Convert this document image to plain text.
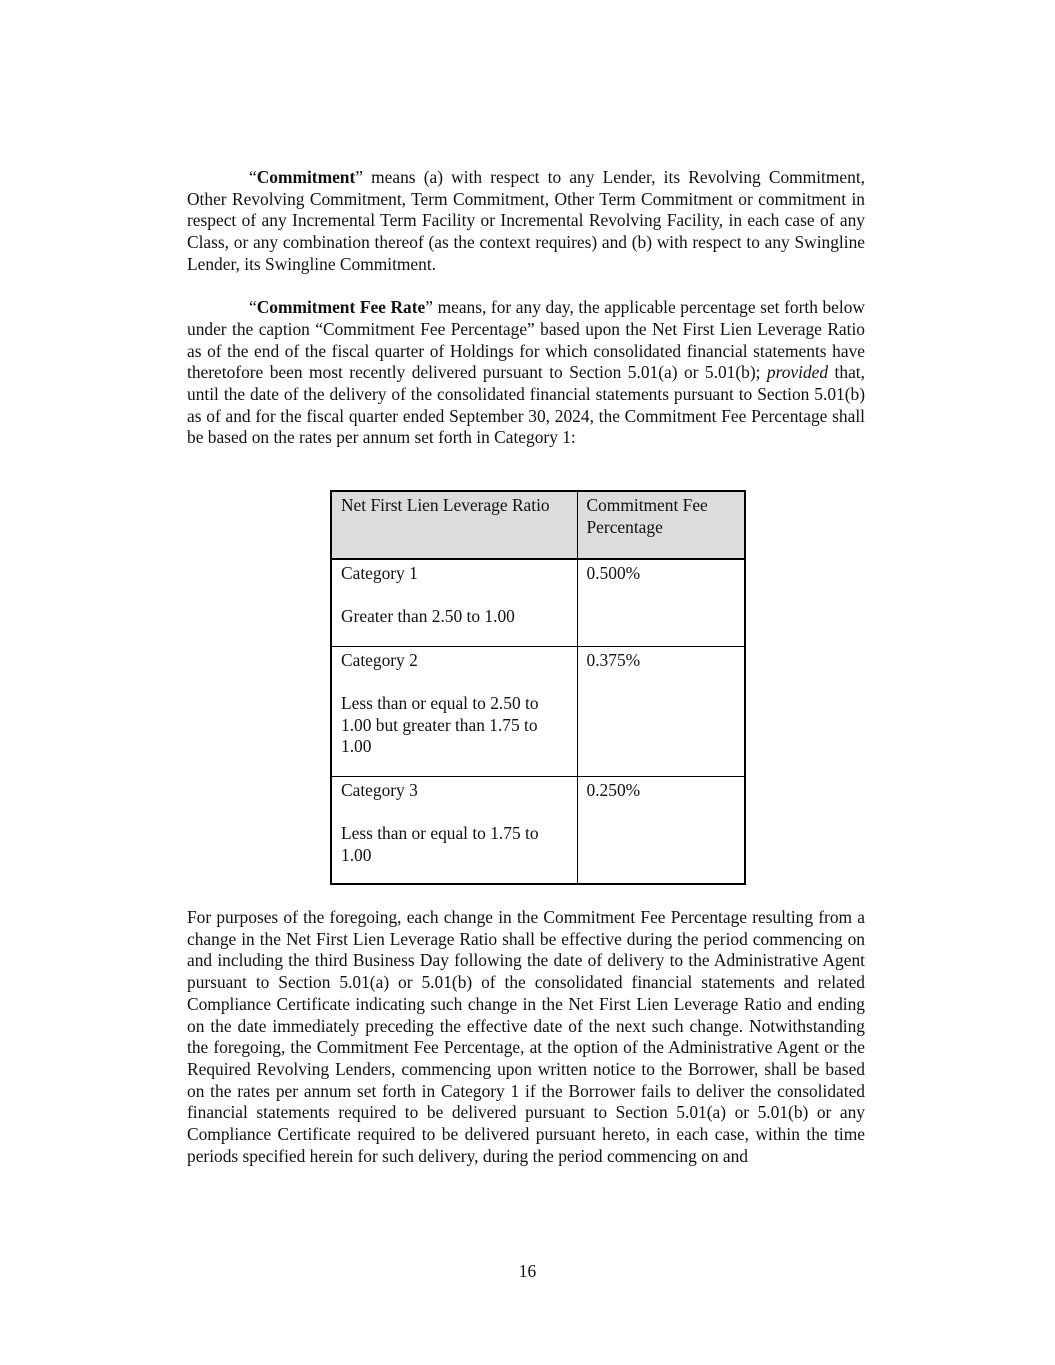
“Commitment” means (a) with respect to any Lender, its Revolving Commitment, Other Revolving Commitment, Term Commitment, Other Term Commitment or commitment in respect of any Incremental Term Facility or Incremental Revolving Facility, in each case of any Class, or any combination thereof (as the context requires) and (b) with respect to any Swingline Lender, its Swingline Commitment.

“Commitment Fee Rate” means, for any day, the applicable percentage set forth below under the caption “Commitment Fee Percentage” based upon the Net First Lien Leverage Ratio as of the end of the fiscal quarter of Holdings for which consolidated financial statements have theretofore been most recently delivered pursuant to Section 5.01(a) or 5.01(b); provided that, until the date of the delivery of the consolidated financial statements pursuant to Section 5.01(b) as of and for the fiscal quarter ended September 30, 2024, the Commitment Fee Percentage shall be based on the rates per annum set forth in Category 1:

Net First Lien Leverage Ratio	Commitment Fee Percentage

Category 1
Greater than 2.50 to 1.00	0.500%

Category 2
Less than or equal to 2.50 to 1.00 but greater than 1.75 to 1.00	0.375%

Category 3
Less than or equal to 1.75 to 1.00	0.250%

For purposes of the foregoing, each change in the Commitment Fee Percentage resulting from a change in the Net First Lien Leverage Ratio shall be effective during the period commencing on and including the third Business Day following the date of delivery to the Administrative Agent pursuant to Section 5.01(a) or 5.01(b) of the consolidated financial statements and related Compliance Certificate indicating such change in the Net First Lien Leverage Ratio and ending on the date immediately preceding the effective date of the next such change. Notwithstanding the foregoing, the Commitment Fee Percentage, at the option of the Administrative Agent or the Required Revolving Lenders, commencing upon written notice to the Borrower, shall be based on the rates per annum set forth in Category 1 if the Borrower fails to deliver the consolidated financial statements required to be delivered pursuant to Section 5.01(a) or 5.01(b) or any Compliance Certificate required to be delivered pursuant hereto, in each case, within the time periods specified herein for such delivery, during the period commencing on and

16
